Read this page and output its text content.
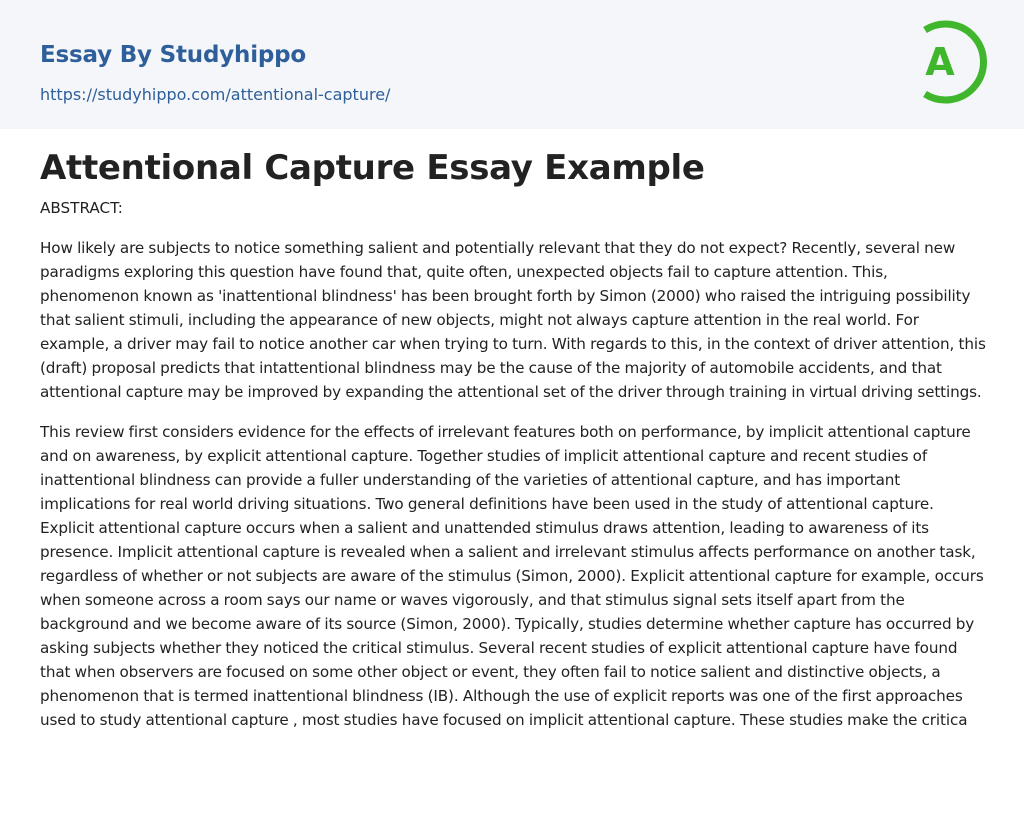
Essay By Studyhippo
https://studyhippo.com/attentional-capture/
A
Attentional Capture Essay Example
ABSTRACT:

How likely are subjects to notice something salient and potentially relevant that they do not expect? Recently, several new paradigms exploring this question have found that, quite often, unexpected objects fail to capture attention. This, phenomenon known as 'inattentional blindness' has been brought forth by Simon (2000) who raised the intriguing possibility that salient stimuli, including the appearance of new objects, might not always capture attention in the real world. For example, a driver may fail to notice another car when trying to turn. With regards to this, in the context of driver attention, this (draft) proposal predicts that intattentional blindness may be the cause of the majority of automobile accidents, and that attentional capture may be improved by expanding the attentional set of the driver through training in virtual driving settings.

This review first considers evidence for the effects of irrelevant features both on performance, by implicit attentional capture and on awareness, by explicit attentional capture. Together studies of implicit attentional capture and recent studies of inattentional blindness can provide a fuller understanding of the varieties of attentional capture, and has important implications for real world driving situations. Two general definitions have been used in the study of attentional capture. Explicit attentional capture occurs when a salient and unattended stimulus draws attention, leading to awareness of its presence. Implicit attentional capture is revealed when a salient and irrelevant stimulus affects performance on another task, regardless of whether or not subjects are aware of the stimulus (Simon, 2000). Explicit attentional capture for example, occurs when someone across a room says our name or waves vigorously, and that stimulus signal sets itself apart from the background and we become aware of its source (Simon, 2000). Typically, studies determine whether capture has occurred by asking subjects whether they noticed the critical stimulus. Several recent studies of explicit attentional capture have found that when observers are focused on some other object or event, they often fail to notice salient and distinctive objects, a phenomenon that is termed inattentional blindness (IB). Although the use of explicit reports was one of the first approaches used to study attentional capture , most studies have focused on implicit attentional capture. These studies make the critica
